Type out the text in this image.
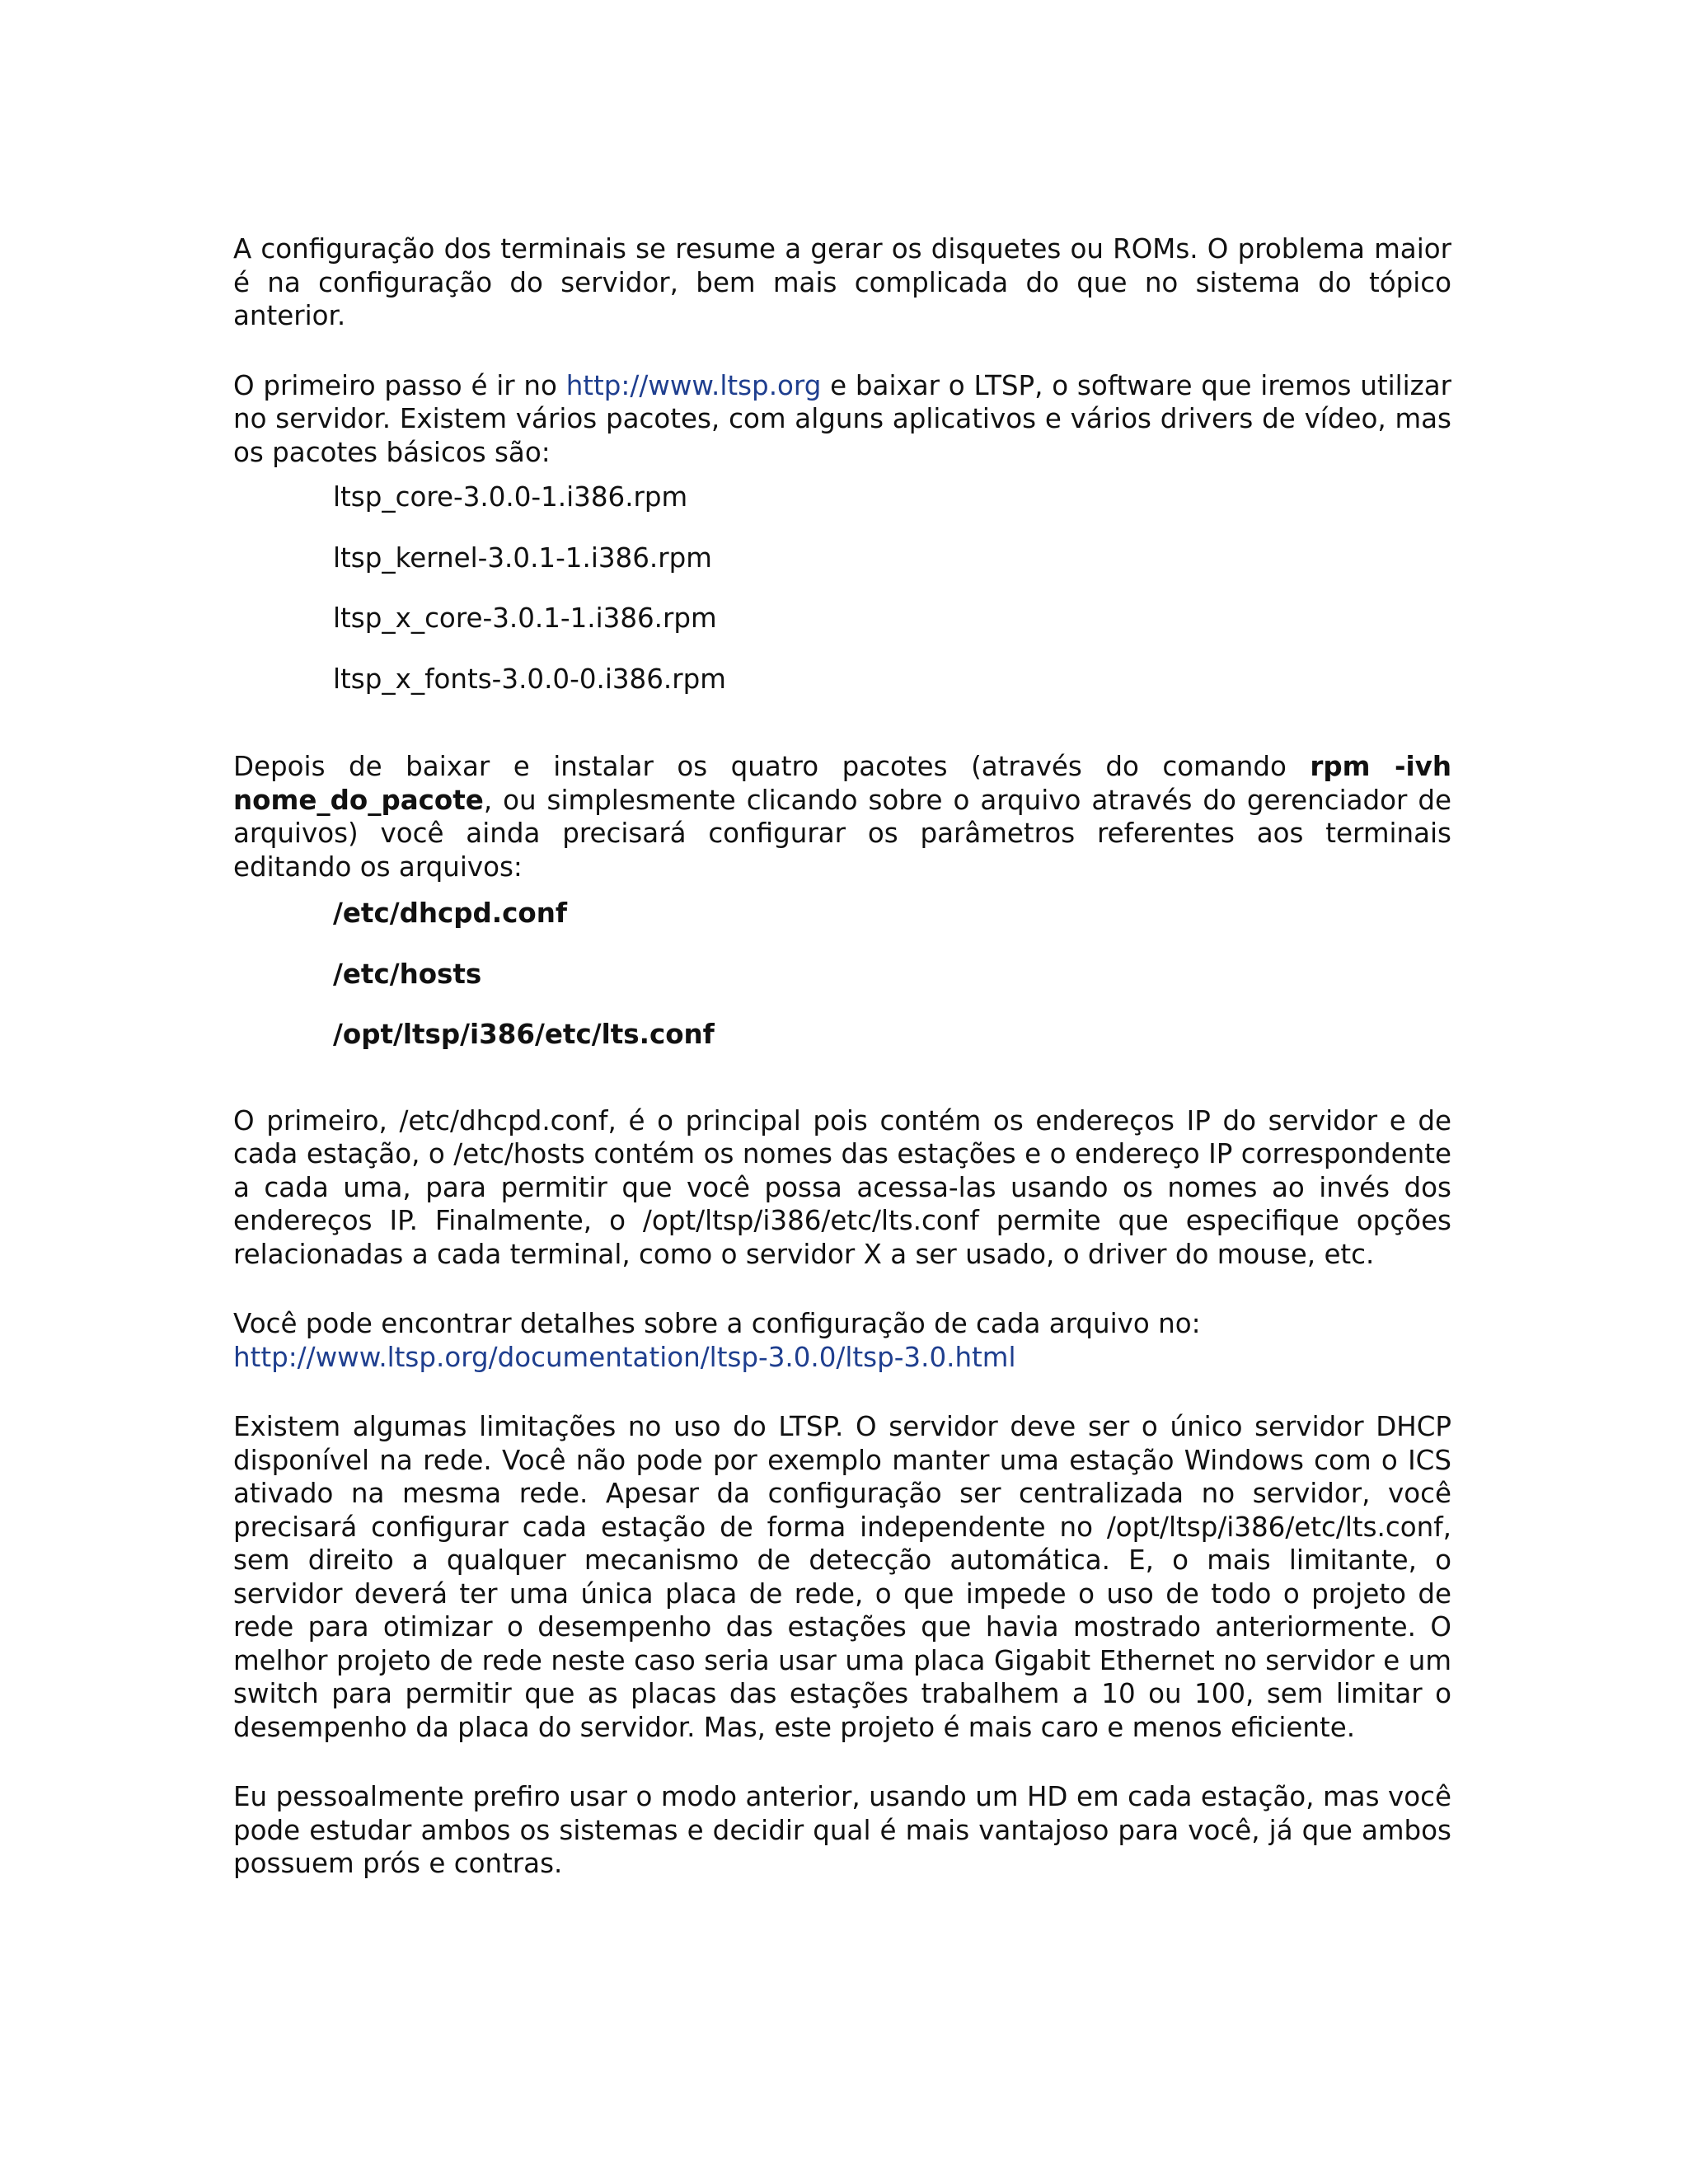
A configuração dos terminais se resume a gerar os disquetes ou ROMs. O problema maior é na configuração do servidor, bem mais complicada do que no sistema do tópico anterior.

O primeiro passo é ir no http://www.ltsp.org e baixar o LTSP, o software que iremos utilizar no servidor. Existem vários pacotes, com alguns aplicativos e vários drivers de vídeo, mas os pacotes básicos são:

ltsp_core-3.0.0-1.i386.rpm
ltsp_kernel-3.0.1-1.i386.rpm
ltsp_x_core-3.0.1-1.i386.rpm
ltsp_x_fonts-3.0.0-0.i386.rpm

Depois de baixar e instalar os quatro pacotes (através do comando rpm -ivh nome_do_pacote, ou simplesmente clicando sobre o arquivo através do gerenciador de arquivos) você ainda precisará configurar os parâmetros referentes aos terminais editando os arquivos:

/etc/dhcpd.conf
/etc/hosts
/opt/ltsp/i386/etc/lts.conf

O primeiro, /etc/dhcpd.conf, é o principal pois contém os endereços IP do servidor e de cada estação, o /etc/hosts contém os nomes das estações e o endereço IP correspondente a cada uma, para permitir que você possa acessa-las usando os nomes ao invés dos endereços IP. Finalmente, o /opt/ltsp/i386/etc/lts.conf permite que especifique opções relacionadas a cada terminal, como o servidor X a ser usado, o driver do mouse, etc.

Você pode encontrar detalhes sobre a configuração de cada arquivo no:
http://www.ltsp.org/documentation/ltsp-3.0.0/ltsp-3.0.html

Existem algumas limitações no uso do LTSP. O servidor deve ser o único servidor DHCP disponível na rede. Você não pode por exemplo manter uma estação Windows com o ICS ativado na mesma rede. Apesar da configuração ser centralizada no servidor, você precisará configurar cada estação de forma independente no /opt/ltsp/i386/etc/lts.conf, sem direito a qualquer mecanismo de detecção automática. E, o mais limitante, o servidor deverá ter uma única placa de rede, o que impede o uso de todo o projeto de rede para otimizar o desempenho das estações que havia mostrado anteriormente. O melhor projeto de rede neste caso seria usar uma placa Gigabit Ethernet no servidor e um switch para permitir que as placas das estações trabalhem a 10 ou 100, sem limitar o desempenho da placa do servidor. Mas, este projeto é mais caro e menos eficiente.

Eu pessoalmente prefiro usar o modo anterior, usando um HD em cada estação, mas você pode estudar ambos os sistemas e decidir qual é mais vantajoso para você, já que ambos possuem prós e contras.
